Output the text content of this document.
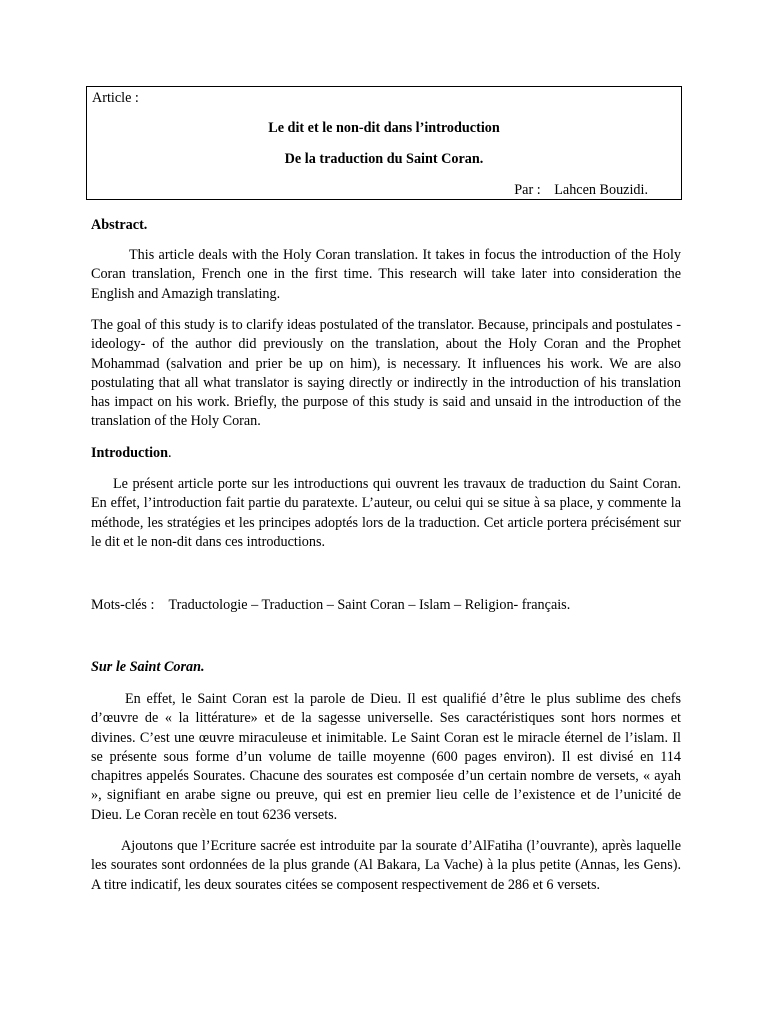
Article :
Le dit et le non-dit dans l’introduction
De la traduction du Saint Coran.
Par : Lahcen Bouzidi.

Abstract.

This article deals with the Holy Coran translation. It takes in focus the introduction of the Holy Coran translation, French one in the first time. This research will take later into consideration the English and Amazigh translating.

The goal of this study is to clarify ideas postulated of the translator. Because, principals and postulates -ideology- of the author did previously on the translation, about the Holy Coran and the Prophet Mohammad (salvation and prier be up on him), is necessary. It influences his work. We are also postulating that all what translator is saying directly or indirectly in the introduction of his translation has impact on his work. Briefly, the purpose of this study is said and unsaid in the introduction of the translation of the Holy Coran.

Introduction.

Le présent article porte sur les introductions qui ouvrent les travaux de traduction du Saint Coran. En effet, l’introduction fait partie du paratexte. L’auteur, ou celui qui se situe à sa place, y commente la méthode, les stratégies et les principes adoptés lors de la traduction. Cet article portera précisément sur le dit et le non-dit dans ces introductions.

Mots-clés : Traductologie – Traduction – Saint Coran – Islam – Religion- français.

Sur le Saint Coran.

En effet, le Saint Coran est la parole de Dieu. Il est qualifié d’être le plus sublime des chefs d’œuvre de « la littérature» et de la sagesse universelle. Ses caractéristiques sont hors normes et divines. C’est une œuvre miraculeuse et inimitable. Le Saint Coran est le miracle éternel de l’islam. Il se présente sous forme d’un volume de taille moyenne (600 pages environ). Il est divisé en 114 chapitres appelés Sourates. Chacune des sourates est composée d’un certain nombre de versets, « ayah », signifiant en arabe signe ou preuve, qui est en premier lieu celle de l’existence et de l’unicité de Dieu. Le Coran recèle en tout 6236 versets.

Ajoutons que l’Ecriture sacrée est introduite par la sourate d’AlFatiha (l’ouvrante), après laquelle les sourates sont ordonnées de la plus grande (Al Bakara, La Vache) à la plus petite (Annas, les Gens). A titre indicatif, les deux sourates citées se composent respectivement de 286 et 6 versets.
